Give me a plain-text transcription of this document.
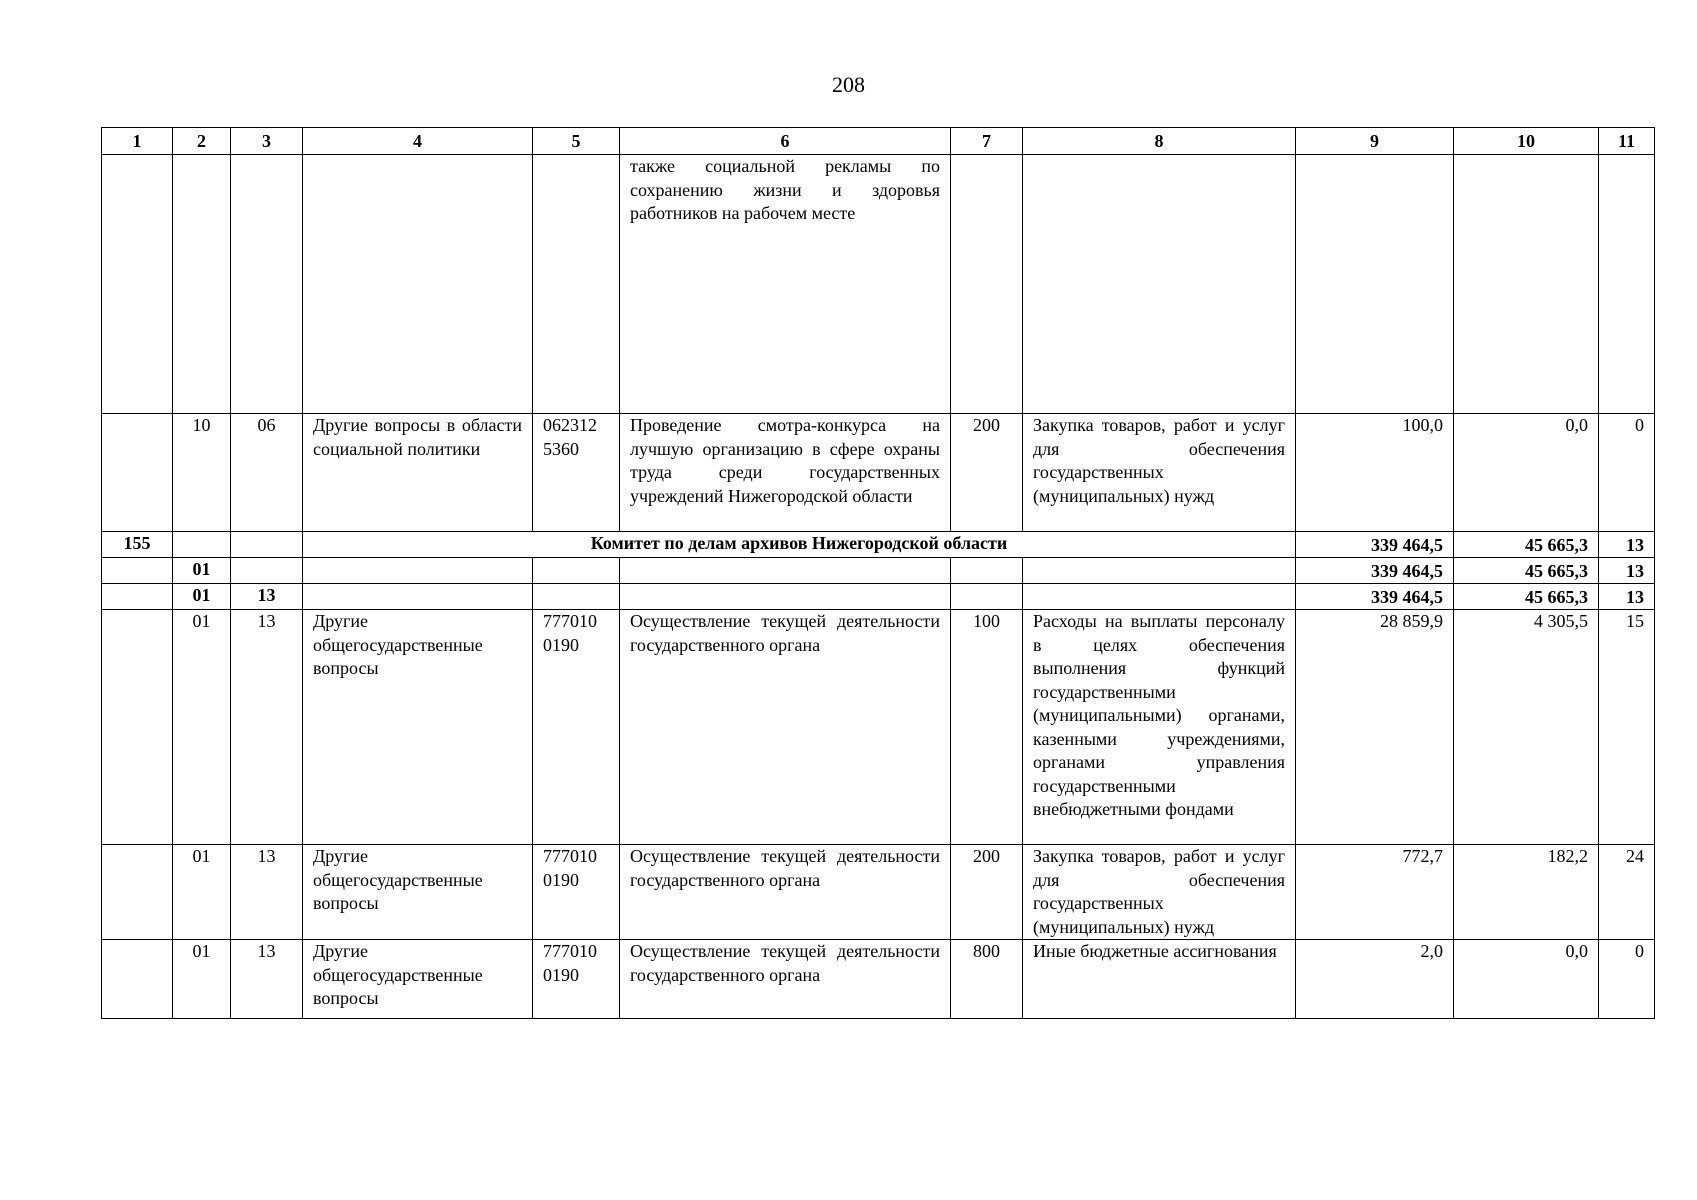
208
1	2	3	4	5	6	7	8	9	10	11
					также социальной рекламы по сохранению жизни и здоровья работников на рабочем месте					
	10	06	Другие вопросы в области социальной политики	062312 5360	Проведение смотра-конкурса на лучшую организацию в сфере охраны труда среди государственных учреждений Нижегородской области	200	Закупка товаров, работ и услуг для обеспечения государственных (муниципальных) нужд	100,0	0,0	0
155			Комитет по делам архивов Нижегородской области					339 464,5	45 665,3	13
	01							339 464,5	45 665,3	13
	01	13						339 464,5	45 665,3	13
	01	13	Другие общегосударственные вопросы	777010 0190	Осуществление текущей деятельности государственного органа	100	Расходы на выплаты персоналу в целях обеспечения выполнения функций государственными (муниципальными) органами, казенными учреждениями, органами управления государственными внебюджетными фондами	28 859,9	4 305,5	15
	01	13	Другие общегосударственные вопросы	777010 0190	Осуществление текущей деятельности государственного органа	200	Закупка товаров, работ и услуг для обеспечения государственных (муниципальных) нужд	772,7	182,2	24
	01	13	Другие общегосударственные вопросы	777010 0190	Осуществление текущей деятельности государственного органа	800	Иные бюджетные ассигнования	2,0	0,0	0
